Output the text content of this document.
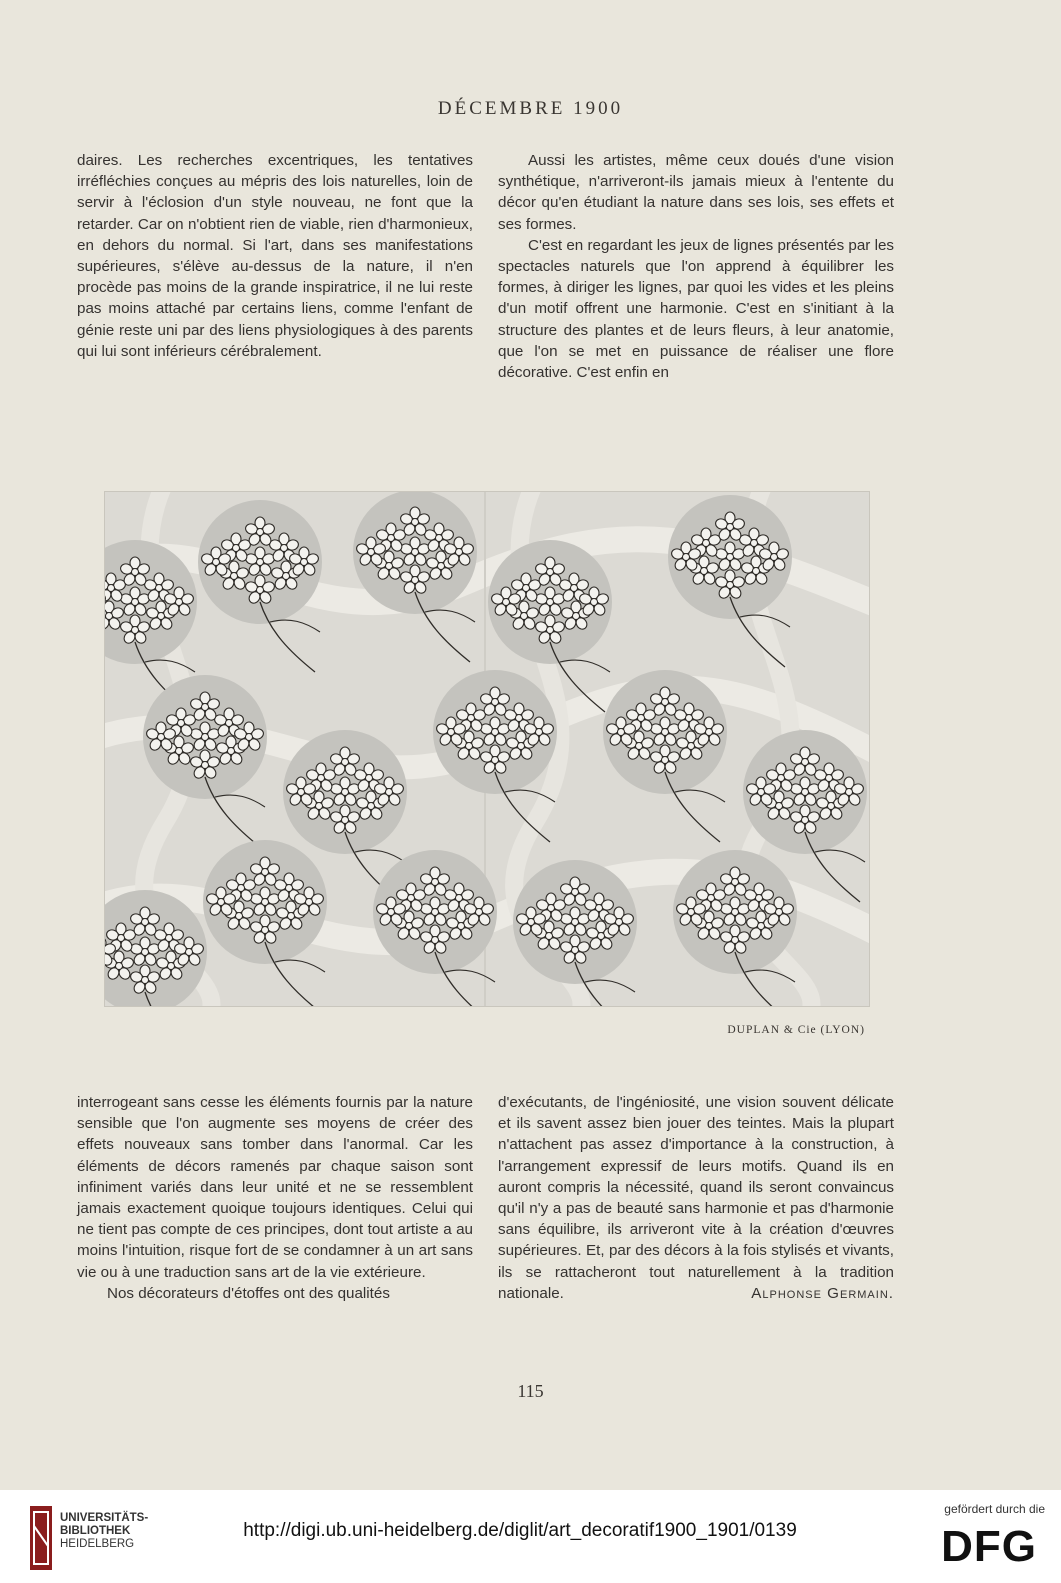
DÉCEMBRE 1900

daires. Les recherches excentriques, les tentatives irréfléchies conçues au mépris des lois naturelles, loin de servir à l'éclosion d'un style nouveau, ne font que la retarder. Car on n'obtient rien de viable, rien d'harmonieux, en dehors du normal. Si l'art, dans ses manifestations supérieures, s'élève au-dessus de la nature, il n'en procède pas moins de la grande inspiratrice, il ne lui reste pas moins attaché par certains liens, comme l'enfant de génie reste uni par des liens physiologiques à des parents qui lui sont inférieurs cérébralement.

Aussi les artistes, même ceux doués d'une vision synthétique, n'arriveront-ils jamais mieux à l'entente du décor qu'en étudiant la nature dans ses lois, ses effets et ses formes.

C'est en regardant les jeux de lignes présentés par les spectacles naturels que l'on apprend à équilibrer les formes, à diriger les lignes, par quoi les vides et les pleins d'un motif offrent une harmonie. C'est en s'initiant à la structure des plantes et de leurs fleurs, à leur anatomie, que l'on se met en puissance de réaliser une flore décorative. C'est enfin en

DUPLAN & Cie (LYON)

interrogeant sans cesse les éléments fournis par la nature sensible que l'on augmente ses moyens de créer des effets nouveaux sans tomber dans l'anormal. Car les éléments de décors ramenés par chaque saison sont infiniment variés dans leur unité et ne se ressemblent jamais exactement quoique toujours identiques. Celui qui ne tient pas compte de ces principes, dont tout artiste a au moins l'intuition, risque fort de se condamner à un art sans vie ou à une traduction sans art de la vie extérieure.

Nos décorateurs d'étoffes ont des qualités

d'exécutants, de l'ingéniosité, une vision souvent délicate et ils savent assez bien jouer des teintes. Mais la plupart n'attachent pas assez d'importance à la construction, à l'arrangement expressif de leurs motifs. Quand ils en auront compris la nécessité, quand ils seront convaincus qu'il n'y a pas de beauté sans harmonie et pas d'harmonie sans équilibre, ils arriveront vite à la création d'œuvres supérieures. Et, par des décors à la fois stylisés et vivants, ils se rattacheront tout naturellement à la tradition nationale.	Alphonse Germain.

115
UNIVERSITÄTS-
BIBLIOTHEK
HEIDELBERG
http://digi.ub.uni-heidelberg.de/diglit/art_decoratif1900_1901/0139
gefördert durch die
DFG
